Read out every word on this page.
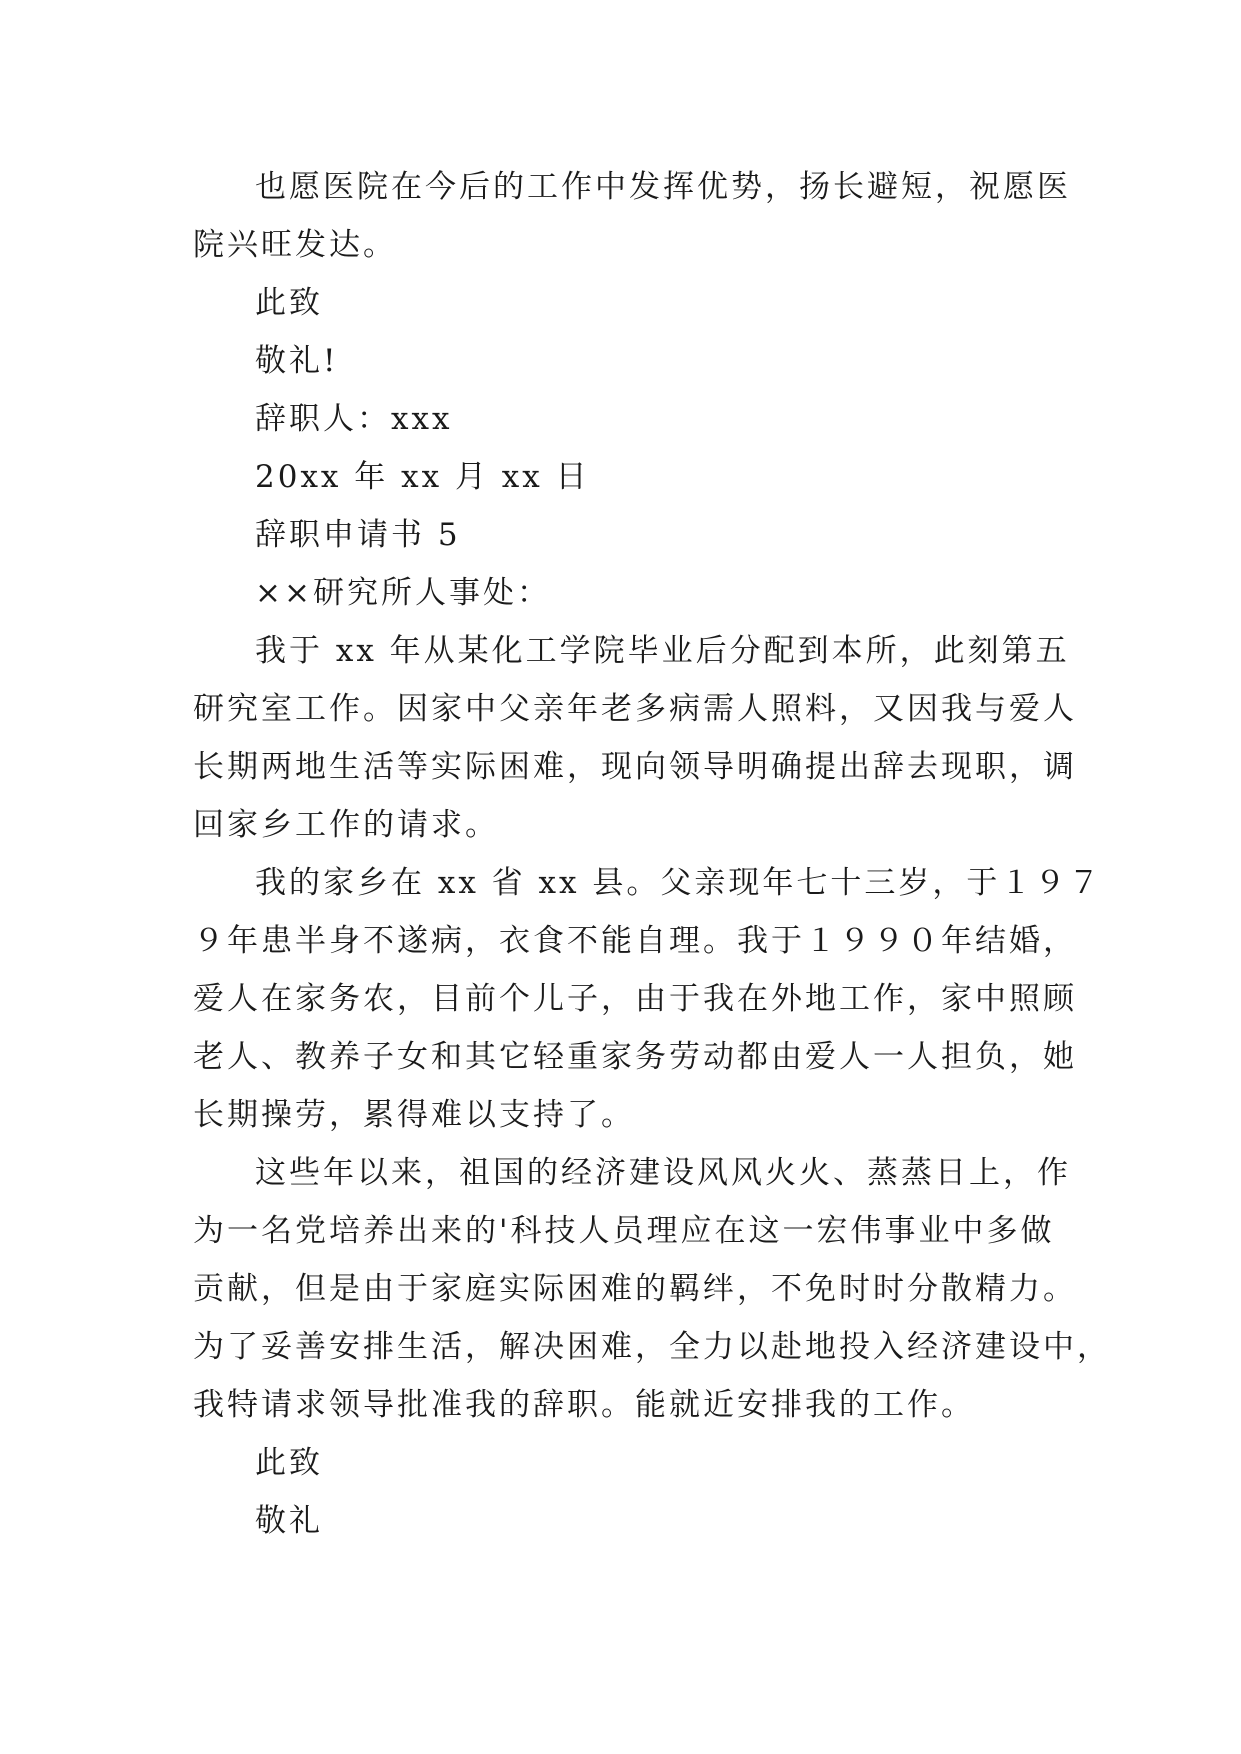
也愿医院在今后的工作中发挥优势，扬长避短，祝愿医
院兴旺发达。
此致
敬礼!
辞职人：xxx
20xx 年 xx 月 xx 日
辞职申请书 5
××研究所人事处：
我于 xx 年从某化工学院毕业后分配到本所，此刻第五
研究室工作。因家中父亲年老多病需人照料，又因我与爱人
长期两地生活等实际困难，现向领导明确提出辞去现职，调
回家乡工作的请求。
我的家乡在 xx 省 xx 县。父亲现年七十三岁，于１９７
９年患半身不遂病，衣食不能自理。我于１９９０年结婚，
爱人在家务农，目前个儿子，由于我在外地工作，家中照顾
老人、教养子女和其它轻重家务劳动都由爱人一人担负，她
长期操劳，累得难以支持了。
这些年以来，祖国的经济建设风风火火、蒸蒸日上，作
为一名党培养出来的'科技人员理应在这一宏伟事业中多做
贡献，但是由于家庭实际困难的羁绊，不免时时分散精力。
为了妥善安排生活，解决困难，全力以赴地投入经济建设中，
我特请求领导批准我的辞职。能就近安排我的工作。
此致
敬礼
